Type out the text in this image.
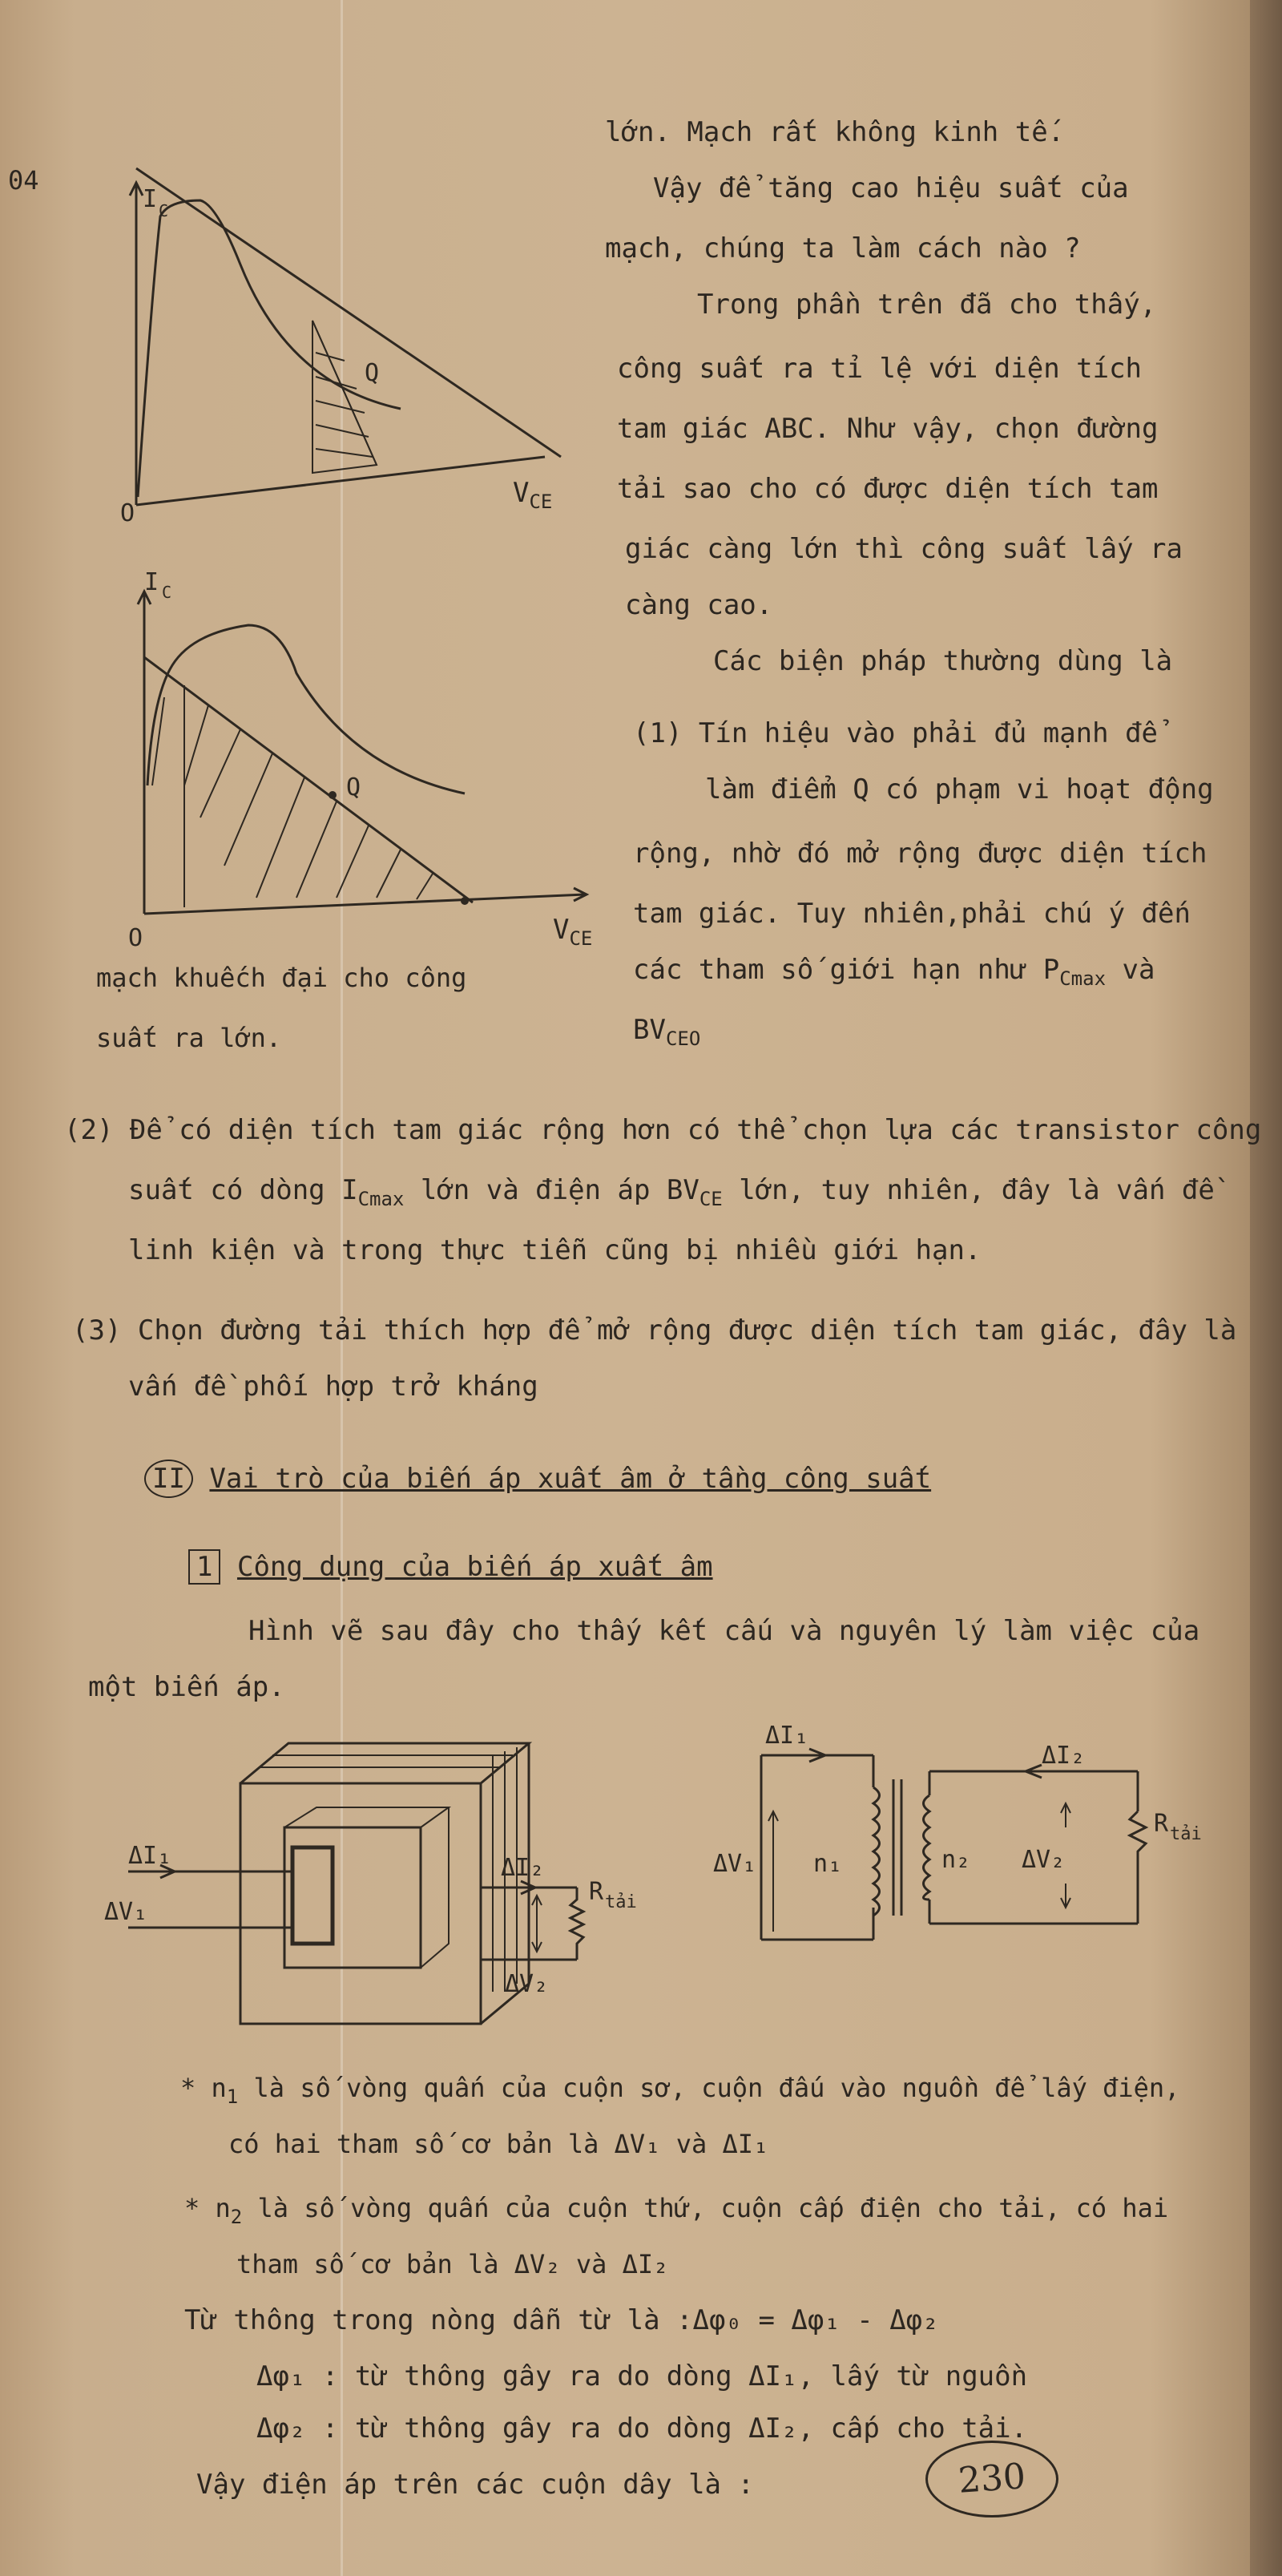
04
I C
O
Q
$V_{CE}$
I C
O
Q
$V_{CE}$
mạch khuếch đại cho công
suất ra lớn.
lớn. Mạch rất không kinh tế.
Vậy để tăng cao hiệu suất của
mạch, chúng ta làm cách nào ?
Trong phần trên đã cho thấy,
công suất ra tỉ lệ với diện tích
tam giác ABC. Như vậy, chọn đường
tải sao cho có được diện tích tam
giác càng lớn thì công suất lấy ra
càng cao.
Các biện pháp thường dùng là
(1) Tín hiệu vào phải đủ mạnh để
làm điểm Q có phạm vi hoạt động
rộng, nhờ đó mở rộng được diện tích
tam giác. Tuy nhiên,phải chú ý đến
các tham số giới hạn như $P_{Cmax}$ và
$BV_{CEO}$
(2) Để có diện tích tam giác rộng hơn có thể chọn lựa các transistor công
suất có dòng $I_{Cmax}$ lớn và điện áp $BV_{CE}$ lớn, tuy nhiên, đây là vấn đề
linh kiện và trong thực tiễn cũng bị nhiều giới hạn.
(3) Chọn đường tải thích hợp để mở rộng được diện tích tam giác, đây là
vấn đề phối hợp trở kháng
II Vai trò của biến áp xuất âm ở tầng công suất
1 Công dụng của biến áp xuất âm
Hình vẽ sau đây cho thấy kết cấu và nguyên lý làm việc của
một biến áp.
ΔI₁
ΔV₁
ΔI₂
ΔV₂
R tải
ΔI₁
ΔV₁ n₁	n₂
ΔI₂
ΔV₂
R tải
* $n_1$ là số vòng quấn của cuộn sơ, cuộn đấu vào nguồn để lấy điện,
có hai tham số cơ bản là ΔV₁ và ΔI₁
* $n_2$ là số vòng quấn của cuộn thứ, cuộn cấp điện cho tải, có hai
tham số cơ bản là ΔV₂ và ΔI₂
Từ thông trong nòng dẫn từ là :Δφ₀ = Δφ₁ - Δφ₂
Δφ₁ : từ thông gây ra do dòng ΔI₁, lấy từ nguồn
Δφ₂ : từ thông gây ra do dòng ΔI₂, cấp cho tải.
Vậy điện áp trên các cuộn dây là :	230
